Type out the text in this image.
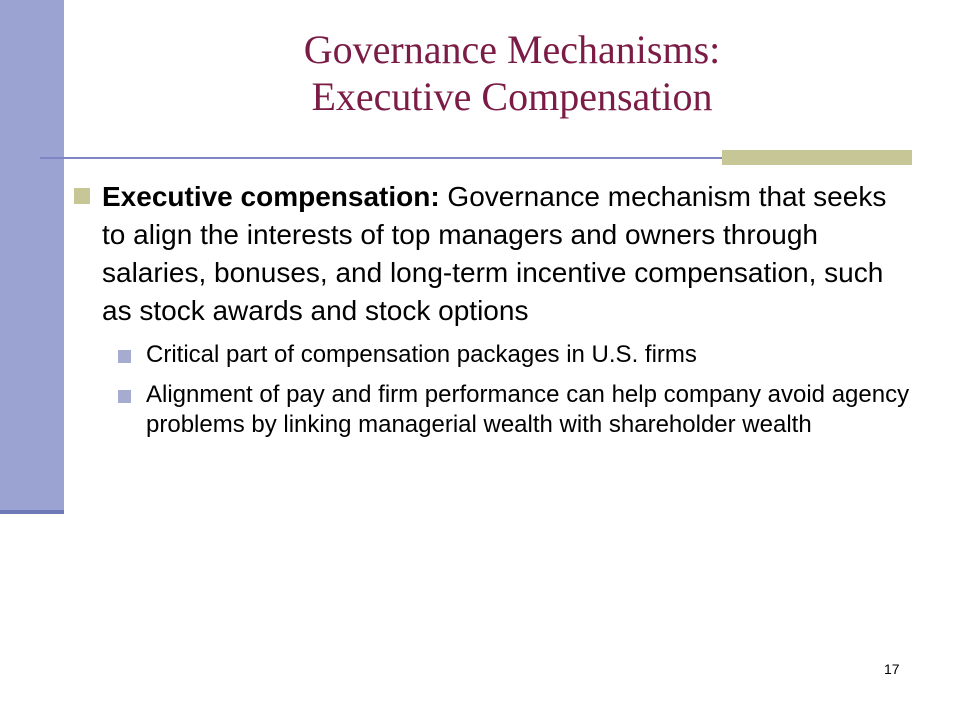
Governance Mechanisms:
Executive Compensation
Executive compensation: Governance mechanism that seeks to align the interests of top managers and owners through salaries, bonuses, and long-term incentive compensation, such as stock awards and stock options
Critical part of compensation packages in U.S. firms
Alignment of pay and firm performance can help company avoid agency problems by linking managerial wealth with shareholder wealth
17
